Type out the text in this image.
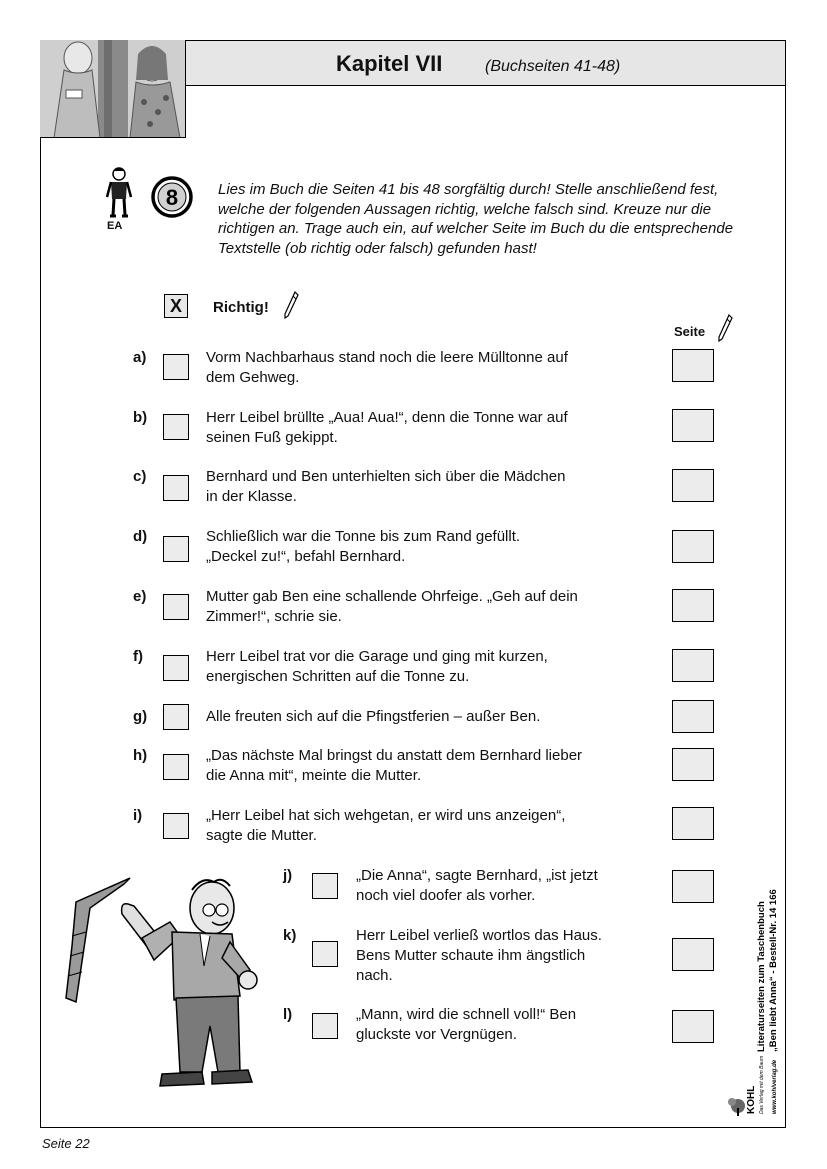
Kapitel VII	(Buchseiten 41-48)
EA
8	Lies im Buch die Seiten 41 bis 48 sorgfältig durch! Stelle anschließend fest, welche der folgenden Aussagen richtig, welche falsch sind. Kreuze nur die richtigen an. Trage auch ein, auf welcher Seite im Buch du die entsprechende Textstelle (ob richtig oder falsch) gefunden hast!
X	Richtig!
Seite
a)	Vorm Nachbarhaus stand noch die leere Mülltonne auf
dem Gehweg.
b)	Herr Leibel brüllte „Aua! Aua!“, denn die Tonne war auf
seinen Fuß gekippt.
c)	Bernhard und Ben unterhielten sich über die Mädchen
in der Klasse.
d)	Schließlich war die Tonne bis zum Rand gefüllt.
„Deckel zu!“, befahl Bernhard.
e)	Mutter gab Ben eine schallende Ohrfeige. „Geh auf dein
Zimmer!“, schrie sie.
f)	Herr Leibel trat vor die Garage und ging mit kurzen,
energischen Schritten auf die Tonne zu.
g)	Alle freuten sich auf die Pfingstferien – außer Ben.
h)	„Das nächste Mal bringst du anstatt dem Bernhard lieber
die Anna mit“, meinte die Mutter.
i)	„Herr Leibel hat sich wehgetan, er wird uns anzeigen“,
sagte die Mutter.
j)	„Die Anna“, sagte Bernhard, „ist jetzt
noch viel doofer als vorher.
k)	Herr Leibel verließ wortlos das Haus.
Bens Mutter schaute ihm ängstlich
nach.
l)	„Mann, wird die schnell voll!“ Ben
gluckste vor Vergnügen.	Literaturseiten zum Taschenbuch „Ben liebt Anna“ - Bestell-Nr. 14 166
KOHL Das Verlag mit dem Baum www.kohlverlag.de
Seite 22
